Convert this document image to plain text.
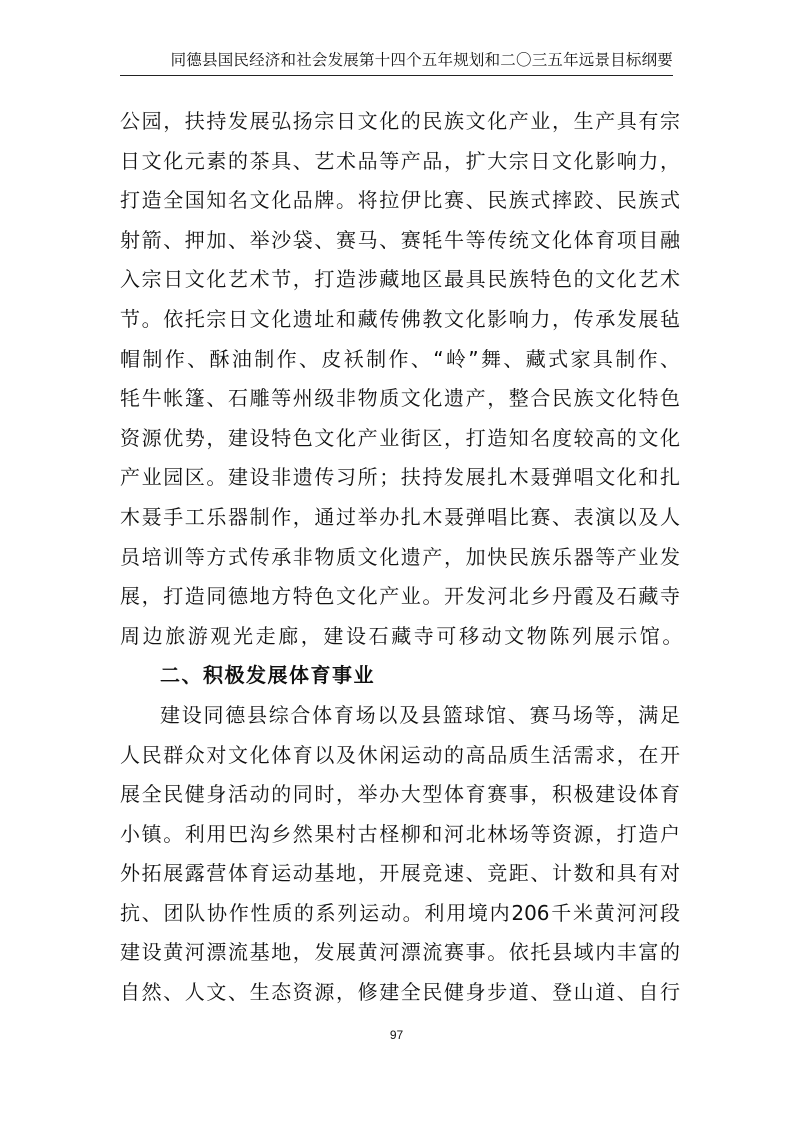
同德县国民经济和社会发展第十四个五年规划和二〇三五年远景目标纲要
公园，扶持发展弘扬宗日文化的民族文化产业，生产具有宗
日文化元素的茶具、艺术品等产品，扩大宗日文化影响力，
打造全国知名文化品牌。将拉伊比赛、民族式摔跤、民族式
射箭、押加、举沙袋、赛马、赛牦牛等传统文化体育项目融
入宗日文化艺术节，打造涉藏地区最具民族特色的文化艺术
节。依托宗日文化遗址和藏传佛教文化影响力，传承发展毡
帽制作、酥油制作、皮袄制作、“岭”舞、藏式家具制作、
牦牛帐篷、石雕等州级非物质文化遗产，整合民族文化特色
资源优势，建设特色文化产业街区，打造知名度较高的文化
产业园区。建设非遗传习所；扶持发展扎木聂弹唱文化和扎
木聂手工乐器制作，通过举办扎木聂弹唱比赛、表演以及人
员培训等方式传承非物质文化遗产，加快民族乐器等产业发
展，打造同德地方特色文化产业。开发河北乡丹霞及石藏寺
周边旅游观光走廊，建设石藏寺可移动文物陈列展示馆。
二、积极发展体育事业
建设同德县综合体育场以及县篮球馆、赛马场等，满足
人民群众对文化体育以及休闲运动的高品质生活需求，在开
展全民健身活动的同时，举办大型体育赛事，积极建设体育
小镇。利用巴沟乡然果村古柽柳和河北林场等资源，打造户
外拓展露营体育运动基地，开展竞速、竞距、计数和具有对
抗、团队协作性质的系列运动。利用境内206千米黄河河段
建设黄河漂流基地，发展黄河漂流赛事。依托县域内丰富的
自然、人文、生态资源，修建全民健身步道、登山道、自行
97
